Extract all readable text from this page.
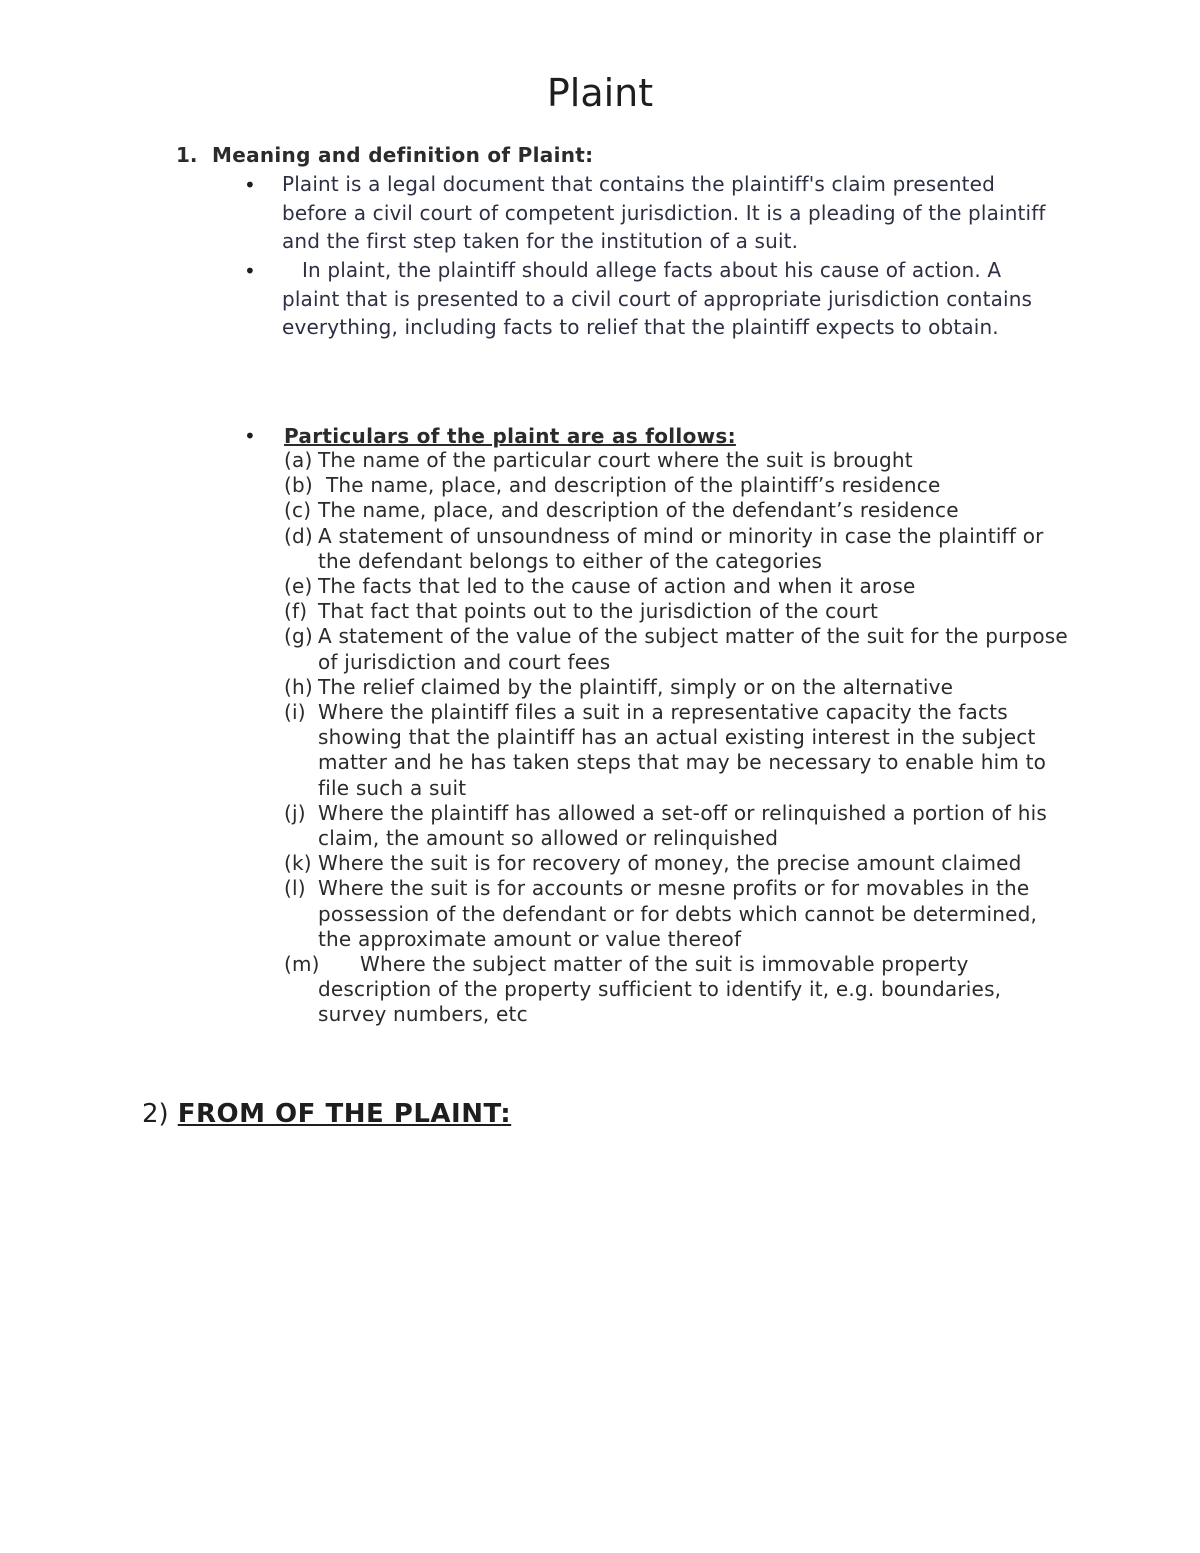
Plaint
1. Meaning and definition of Plaint:
• Plaint is a legal document that contains the plaintiff's claim presented before a civil court of competent jurisdiction. It is a pleading of the plaintiff and the first step taken for the institution of a suit.

•	In plaint, the plaintiff should allege facts about his cause of action. A plaint that is presented to a civil court of appropriate jurisdiction contains everything, including facts to relief that the plaintiff expects to obtain.

• Particulars of the plaint are as follows:
(a) The name of the particular court where the suit is brought
(b) The name, place, and description of the plaintiff’s residence
(c) The name, place, and description of the defendant’s residence
(d) A statement of unsoundness of mind or minority in case the plaintiff or the defendant belongs to either of the categories
(e) The facts that led to the cause of action and when it arose
(f) That fact that points out to the jurisdiction of the court
(g) A statement of the value of the subject matter of the suit for the purpose of jurisdiction and court fees
(h) The relief claimed by the plaintiff, simply or on the alternative
(i) Where the plaintiff files a suit in a representative capacity the facts showing that the plaintiff has an actual existing interest in the subject matter and he has taken steps that may be necessary to enable him to file such a suit
(j) Where the plaintiff has allowed a set-off or relinquished a portion of his claim, the amount so allowed or relinquished
(k) Where the suit is for recovery of money, the precise amount claimed
(l) Where the suit is for accounts or mesne profits or for movables in the possession of the defendant or for debts which cannot be determined, the approximate amount or value thereof
(m)	Where the subject matter of the suit is immovable property description of the property sufficient to identify it, e.g. boundaries, survey numbers, etc
2) FROM OF THE PLAINT:
